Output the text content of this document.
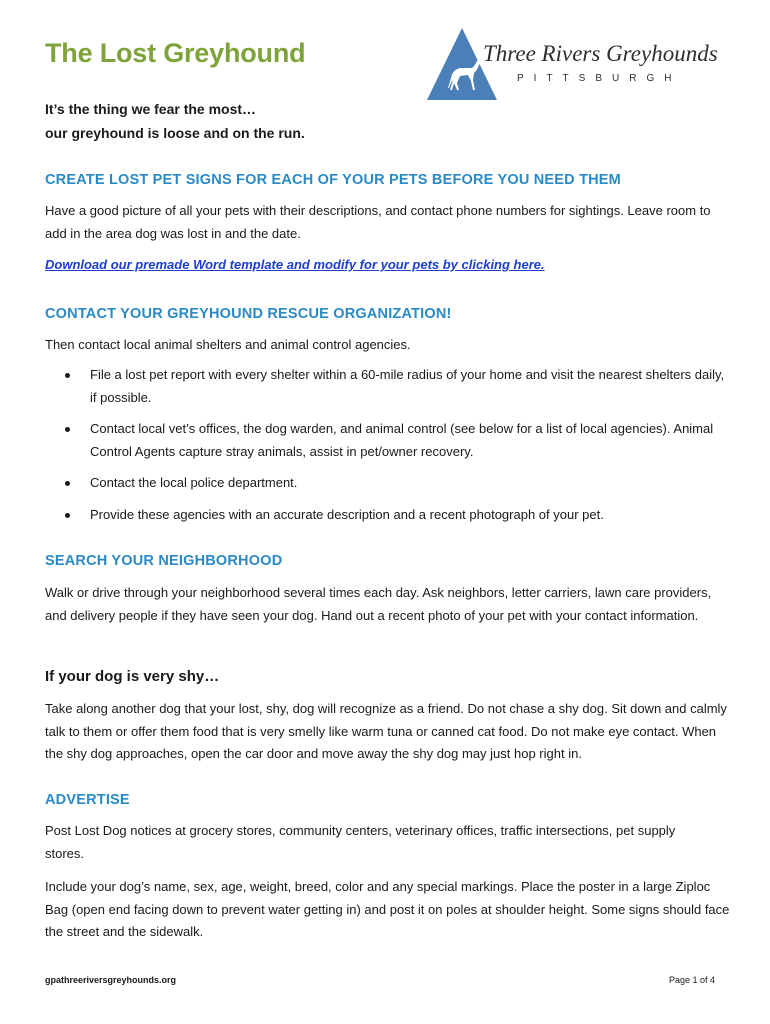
The Lost Greyhound	Three Rivers Greyhounds
PITTSBURGH
It’s the thing we fear the most…
our greyhound is loose and on the run.
CREATE LOST PET SIGNS FOR EACH OF YOUR PETS BEFORE YOU NEED THEM

Have a good picture of all your pets with their descriptions, and contact phone numbers for sightings. Leave room to add in the area dog was lost in and the date.

Download our premade Word template and modify for your pets by clicking here.
CONTACT YOUR GREYHOUND RESCUE ORGANIZATION!

Then contact local animal shelters and animal control agencies.

File a lost pet report with every shelter within a 60-mile radius of your home and visit the nearest shelters daily, if possible.
Contact local vet’s offices, the dog warden, and animal control (see below for a list of local agencies). Animal Control Agents capture stray animals, assist in pet/owner recovery.
Contact the local police department.
Provide these agencies with an accurate description and a recent photograph of your pet.
SEARCH YOUR NEIGHBORHOOD

Walk or drive through your neighborhood several times each day. Ask neighbors, letter carriers, lawn care providers, and delivery people if they have seen your dog. Hand out a recent photo of your pet with your contact information.

If your dog is very shy…

Take along another dog that your lost, shy, dog will recognize as a friend. Do not chase a shy dog. Sit down and calmly talk to them or offer them food that is very smelly like warm tuna or canned cat food. Do not make eye contact. When the shy dog approaches, open the car door and move away the shy dog may just hop right in.

ADVERTISE

Post Lost Dog notices at grocery stores, community centers, veterinary offices, traffic intersections, pet supply stores.

Include your dog’s name, sex, age, weight, breed, color and any special markings. Place the poster in a large Ziploc Bag (open end facing down to prevent water getting in) and post it on poles at shoulder height. Some signs should face the street and the sidewalk.

gpathreeriversgreyhounds.org	Page 1 of 4
